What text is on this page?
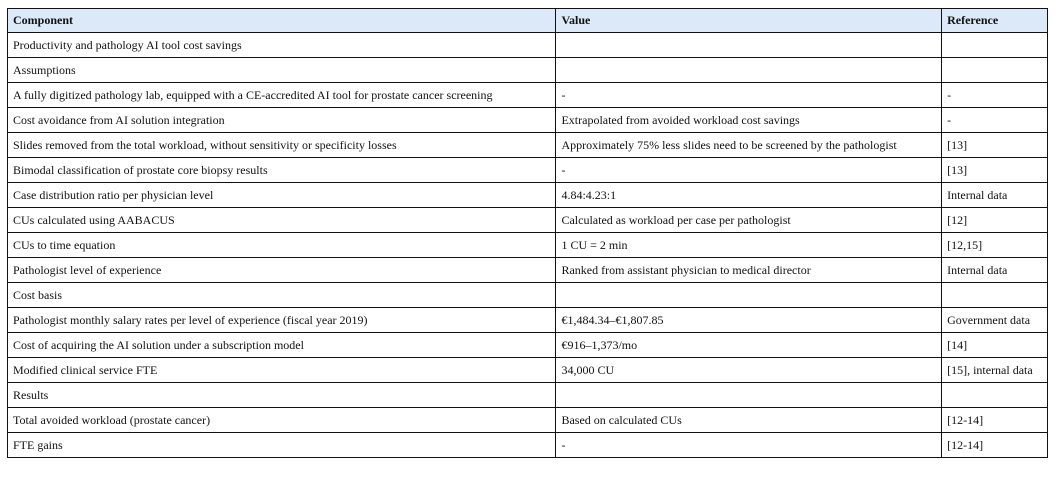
Component	Value	Reference
Productivity and pathology AI tool cost savings		
Assumptions		
A fully digitized pathology lab, equipped with a CE-accredited AI tool for prostate cancer screening	-	-
Cost avoidance from AI solution integration	Extrapolated from avoided workload cost savings	-
Slides removed from the total workload, without sensitivity or specificity losses	Approximately 75% less slides need to be screened by the pathologist	[13]
Bimodal classification of prostate core biopsy results	-	[13]
Case distribution ratio per physician level	4.84:4.23:1	Internal data
CUs calculated using AABACUS	Calculated as workload per case per pathologist	[12]
CUs to time equation	1 CU = 2 min	[12,15]
Pathologist level of experience	Ranked from assistant physician to medical director	Internal data
Cost basis		
Pathologist monthly salary rates per level of experience (fiscal year 2019)	€1,484.34–€1,807.85	Government data
Cost of acquiring the AI solution under a subscription model	€916–1,373/mo	[14]
Modified clinical service FTE	34,000 CU	[15], internal data
Results		
Total avoided workload (prostate cancer)	Based on calculated CUs	[12-14]
FTE gains	-	[12-14]
